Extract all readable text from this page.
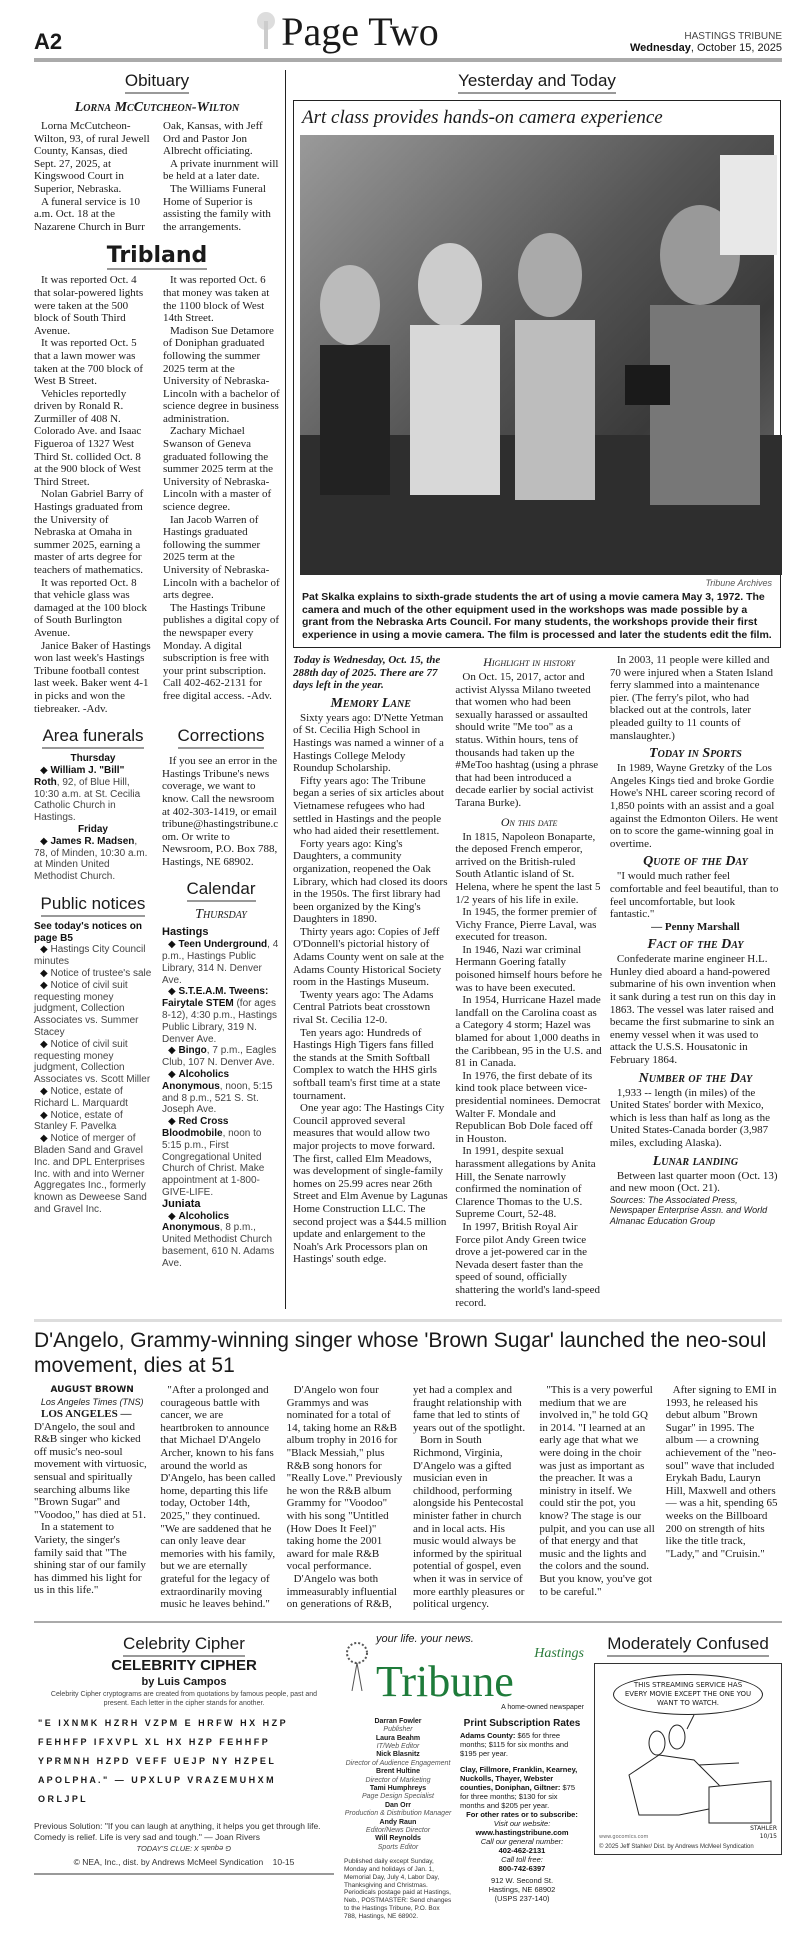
A2	Page Two	HASTINGS TRIBUNE
Wednesday, October 15, 2025
Obituary
Lorna McCutcheon-Wilton

Lorna McCutcheon-Wilton, 93, of rural Jewell County, Kansas, died Sept. 27, 2025, at Kingswood Court in Superior, Nebraska.

A funeral service is 10 a.m. Oct. 18 at the Nazarene Church in Burr Oak, Kansas, with Jeff Ord and Pastor Jon Albrecht officiating.

A private inurnment will be held at a later date.

The Williams Funeral Home of Superior is assisting the family with the arrangements.

Tribland

It was reported Oct. 4 that solar-powered lights were taken at the 500 block of South Third Avenue.

It was reported Oct. 5 that a lawn mower was taken at the 700 block of West B Street.

Vehicles reportedly driven by Ronald R. Zurmiller of 408 N. Colorado Ave. and Isaac Figueroa of 1327 West Third St. collided Oct. 8 at the 900 block of West Third Street.

Nolan Gabriel Barry of Hastings graduated from the University of Nebraska at Omaha in summer 2025, earning a master of arts degree for teachers of mathematics.

It was reported Oct. 8 that vehicle glass was damaged at the 100 block of South Burlington Avenue.

Janice Baker of Hastings won last week's Hastings Tribune football contest last week. Baker went 4-1 in picks and won the tiebreaker. -Adv.

It was reported Oct. 6 that money was taken at the 1100 block of West 14th Street.

Madison Sue Detamore of Doniphan graduated following the summer 2025 term at the University of Nebraska-Lincoln with a bachelor of science degree in business administration.

Zachary Michael Swanson of Geneva graduated following the summer 2025 term at the University of Nebraska-Lincoln with a master of science degree.

Ian Jacob Warren of Hastings graduated following the summer 2025 term at the University of Nebraska-Lincoln with a bachelor of arts degree.

The Hastings Tribune publishes a digital copy of the newspaper every Monday. A digital subscription is free with your print subscription. Call 402-462-2131 for free digital access. -Adv.

Area funerals
Thursday

◆ William J. "Bill" Roth, 92, of Blue Hill, 10:30 a.m. at St. Cecilia Catholic Church in Hastings.

Friday

◆ James R. Madsen, 78, of Minden, 10:30 a.m. at Minden United Methodist Church.

Public notices
See today's notices on page B5

◆ Hastings City Council minutes

◆ Notice of trustee's sale

◆ Notice of civil suit requesting money judgment, Collection Associates vs. Summer Stacey

◆ Notice of civil suit requesting money judgment, Collection Associates vs. Scott Miller

◆ Notice, estate of Richard L. Marquardt

◆ Notice, estate of Stanley F. Pavelka

◆ Notice of merger of Bladen Sand and Gravel Inc. and DPL Enterprises Inc. with and into Werner Aggregates Inc., formerly known as Deweese Sand and Gravel Inc.

Corrections

If you see an error in the Hastings Tribune's news coverage, we want to know. Call the newsroom at 402-303-1419, or email tribune@hastingstribune.com. Or write to Newsroom, P.O. Box 788, Hastings, NE 68902.

Calendar
Thursday
Hastings

◆ Teen Underground, 4 p.m., Hastings Public Library, 314 N. Denver Ave.

◆ S.T.E.A.M. Tweens: Fairytale STEM (for ages 8-12), 4:30 p.m., Hastings Public Library, 319 N. Denver Ave.

◆ Bingo, 7 p.m., Eagles Club, 107 N. Denver Ave.

◆ Alcoholics Anonymous, noon, 5:15 and 8 p.m., 521 S. St. Joseph Ave.

◆ Red Cross Bloodmobile, noon to 5:15 p.m., First Congregational United Church of Christ. Make appointment at 1-800-GIVE-LIFE.

Juniata

◆ Alcoholics Anonymous, 8 p.m., United Methodist Church basement, 610 N. Adams Ave.

Yesterday and Today
Art class provides hands-on camera experience
Tribune Archives
Pat Skalka explains to sixth-grade students the art of using a movie camera May 3, 1972. The camera and much of the other equipment used in the workshops was made possible by a grant from the Nebraska Arts Council. For many students, the workshops provide their first experience in using a movie camera. The film is processed and later the students edit the film.
Today is Wednesday, Oct. 15, the 288th day of 2025. There are 77 days left in the year.
Memory Lane

Sixty years ago: D'Nette Yetman of St. Cecilia High School in Hastings was named a winner of a Hastings College Melody Roundup Scholarship.

Fifty years ago: The Tribune began a series of six articles about Vietnamese refugees who had settled in Hastings and the people who had aided their resettlement.

Forty years ago: King's Daughters, a community organization, reopened the Oak Library, which had closed its doors in the 1950s. The first library had been organized by the King's Daughters in 1890.

Thirty years ago: Copies of Jeff O'Donnell's pictorial history of Adams County went on sale at the Adams County Historical Society room in the Hastings Museum.

Twenty years ago: The Adams Central Patriots beat crosstown rival St. Cecilia 12-0.

Ten years ago: Hundreds of Hastings High Tigers fans filled the stands at the Smith Softball Complex to watch the HHS girls softball team's first time at a state tournament.

One year ago: The Hastings City Council approved several measures that would allow two major projects to move forward. The first, called Elm Meadows, was development of single-family homes on 25.99 acres near 26th Street and Elm Avenue by Lagunas Home Construction LLC. The second project was a $44.5 million update and enlargement to the Noah's Ark Processors plan on Hastings' south edge.

Highlight in history

On Oct. 15, 2017, actor and activist Alyssa Milano tweeted that women who had been sexually harassed or assaulted should write "Me too" as a status. Within hours, tens of thousands had taken up the #MeToo hashtag (using a phrase that had been introduced a decade earlier by social activist Tarana Burke).

On this date

In 1815, Napoleon Bonaparte, the deposed French emperor, arrived on the British-ruled South Atlantic island of St. Helena, where he spent the last 5 1/2 years of his life in exile.

In 1945, the former premier of Vichy France, Pierre Laval, was executed for treason.

In 1946, Nazi war criminal Hermann Goering fatally poisoned himself hours before he was to have been executed.

In 1954, Hurricane Hazel made landfall on the Carolina coast as a Category 4 storm; Hazel was blamed for about 1,000 deaths in the Caribbean, 95 in the U.S. and 81 in Canada.

In 1976, the first debate of its kind took place between vice-presidential nominees. Democrat Walter F. Mondale and Republican Bob Dole faced off in Houston.

In 1991, despite sexual harassment allegations by Anita Hill, the Senate narrowly confirmed the nomination of Clarence Thomas to the U.S. Supreme Court, 52-48.

In 1997, British Royal Air Force pilot Andy Green twice drove a jet-powered car in the Nevada desert faster than the speed of sound, officially shattering the world's land-speed record.

In 2003, 11 people were killed and 70 were injured when a Staten Island ferry slammed into a maintenance pier. (The ferry's pilot, who had blacked out at the controls, later pleaded guilty to 11 counts of manslaughter.)

Today in Sports

In 1989, Wayne Gretzky of the Los Angeles Kings tied and broke Gordie Howe's NHL career scoring record of 1,850 points with an assist and a goal against the Edmonton Oilers. He went on to score the game-winning goal in overtime.

Quote of the Day

"I would much rather feel comfortable and feel beautiful, than to feel uncomfortable, but look fantastic."

— Penny Marshall
Fact of the Day

Confederate marine engineer H.L. Hunley died aboard a hand-powered submarine of his own invention when it sank during a test run on this day in 1863. The vessel was later raised and became the first submarine to sink an enemy vessel when it was used to attack the U.S.S. Housatonic in February 1864.

Number of the Day

1,933 -- length (in miles) of the United States' border with Mexico, which is less than half as long as the United States-Canada border (3,987 miles, excluding Alaska).

Lunar landing

Between last quarter moon (Oct. 13) and new moon (Oct. 21).

Sources: The Associated Press, Newspaper Enterprise Assn. and World Almanac Education Group
D'Angelo, Grammy-winning singer whose 'Brown Sugar' launched the neo-soul movement, dies at 51
AUGUST BROWN
Los Angeles Times (TNS)

LOS ANGELES — D'Angelo, the soul and R&B singer who kicked off music's neo-soul movement with virtuosic, sensual and spiritually searching albums like "Brown Sugar" and "Voodoo," has died at 51.

In a statement to Variety, the singer's family said that "The shining star of our family has dimmed his light for us in this life."

"After a prolonged and courageous battle with cancer, we are heartbroken to announce that Michael D'Angelo Archer, known to his fans around the world as D'Angelo, has been called home, departing this life today, October 14th, 2025," they continued. "We are saddened that he can only leave dear memories with his family, but we are eternally grateful for the legacy of extraordinarily moving music he leaves behind."

D'Angelo won four Grammys and was nominated for a total of 14, taking home an R&B album trophy in 2016 for "Black Messiah," plus R&B song honors for "Really Love." Previously he won the R&B album Grammy for "Voodoo" with his song "Untitled (How Does It Feel)" taking home the 2001 award for male R&B vocal performance.

D'Angelo was both immeasurably influential on generations of R&B, yet had a complex and fraught relationship with fame that led to stints of years out of the spotlight.

Born in South Richmond, Virginia, D'Angelo was a gifted musician even in childhood, performing alongside his Pentecostal minister father in church and in local acts. His music would always be informed by the spiritual potential of gospel, even when it was in service of more earthly pleasures or political urgency.

"This is a very powerful medium that we are involved in," he told GQ in 2014. "I learned at an early age that what we were doing in the choir was just as important as the preacher. It was a ministry in itself. We could stir the pot, you know? The stage is our pulpit, and you can use all of that energy and that music and the lights and the colors and the sound. But you know, you've got to be careful."

After signing to EMI in 1993, he released his debut album "Brown Sugar" in 1995. The album — a crowning achievement of the "neo-soul" wave that included Erykah Badu, Lauryn Hill, Maxwell and others — was a hit, spending 65 weeks on the Billboard 200 on strength of hits like the title track, "Lady," and "Cruisin."

Celebrity Cipher
CELEBRITY CIPHER
by Luis Campos
Celebrity Cipher cryptograms are created from quotations by famous people, past and present. Each letter in the cipher stands for another.
" E   I X N M K   H Z R H   V Z P M   E   H R F W   H X   H Z P
F E H H F P   I F X V P L   X L   H X   H Z P   F E H H F P
Y P R M N H   H Z P D   V E F F   U E J P   N Y   H Z P E L
A P O L P H A . "   —   U P X L U P   V R A Z E M U H X M
O R L J P L
Previous Solution: "If you can laugh at anything, it helps you get through life. Comedy is relief. Life is very sad and tough." — Joan Rivers
TODAY'S CLUE: G equals X
© NEA, Inc., dist. by Andrews McMeel Syndication    10-15
your life. your news.
Hastings
Tribune
A home-owned newspaper
Darran Fowler
Publisher
Laura Beahm
IT/Web Editor
Nick Blasnitz
Director of Audience Engagement
Brent Hultine
Director of Marketing
Tami Humphreys
Page Design Specialist
Dan Orr
Production & Distribution Manager
Andy Raun
Editor/News Director
Will Reynolds
Sports Editor
Published daily except Sunday, Monday and holidays of Jan. 1, Memorial Day, July 4, Labor Day, Thanksgiving and Christmas. Periodicals postage paid at Hastings, Neb., POSTMASTER: Send changes to the Hastings Tribune, P.O. Box 788, Hastings, NE 68902.
Print Subscription Rates
Adams County: $65 for three months; $115 for six months and $195 per year.
Clay, Fillmore, Franklin, Kearney, Nuckolls, Thayer, Webster counties, Doniphan, Giltner: $75 for three months; $130 for six months and $205 per year.
For other rates or to subscribe:
Visit our website:
www.hastingstribune.com
Call our general number:
402-462-2131
Call toll free:
800-742-6397
912 W. Second St.
Hastings, NE 68902
(USPS 237-140)
Moderately Confused
THIS STREAMING SERVICE HAS EVERY MOVIE EXCEPT THE ONE YOU WANT TO WATCH.
www.gocomics.com
STAHLER
10/15
© 2025 Jeff Stahler/ Dist. by Andrews McMeel Syndication
